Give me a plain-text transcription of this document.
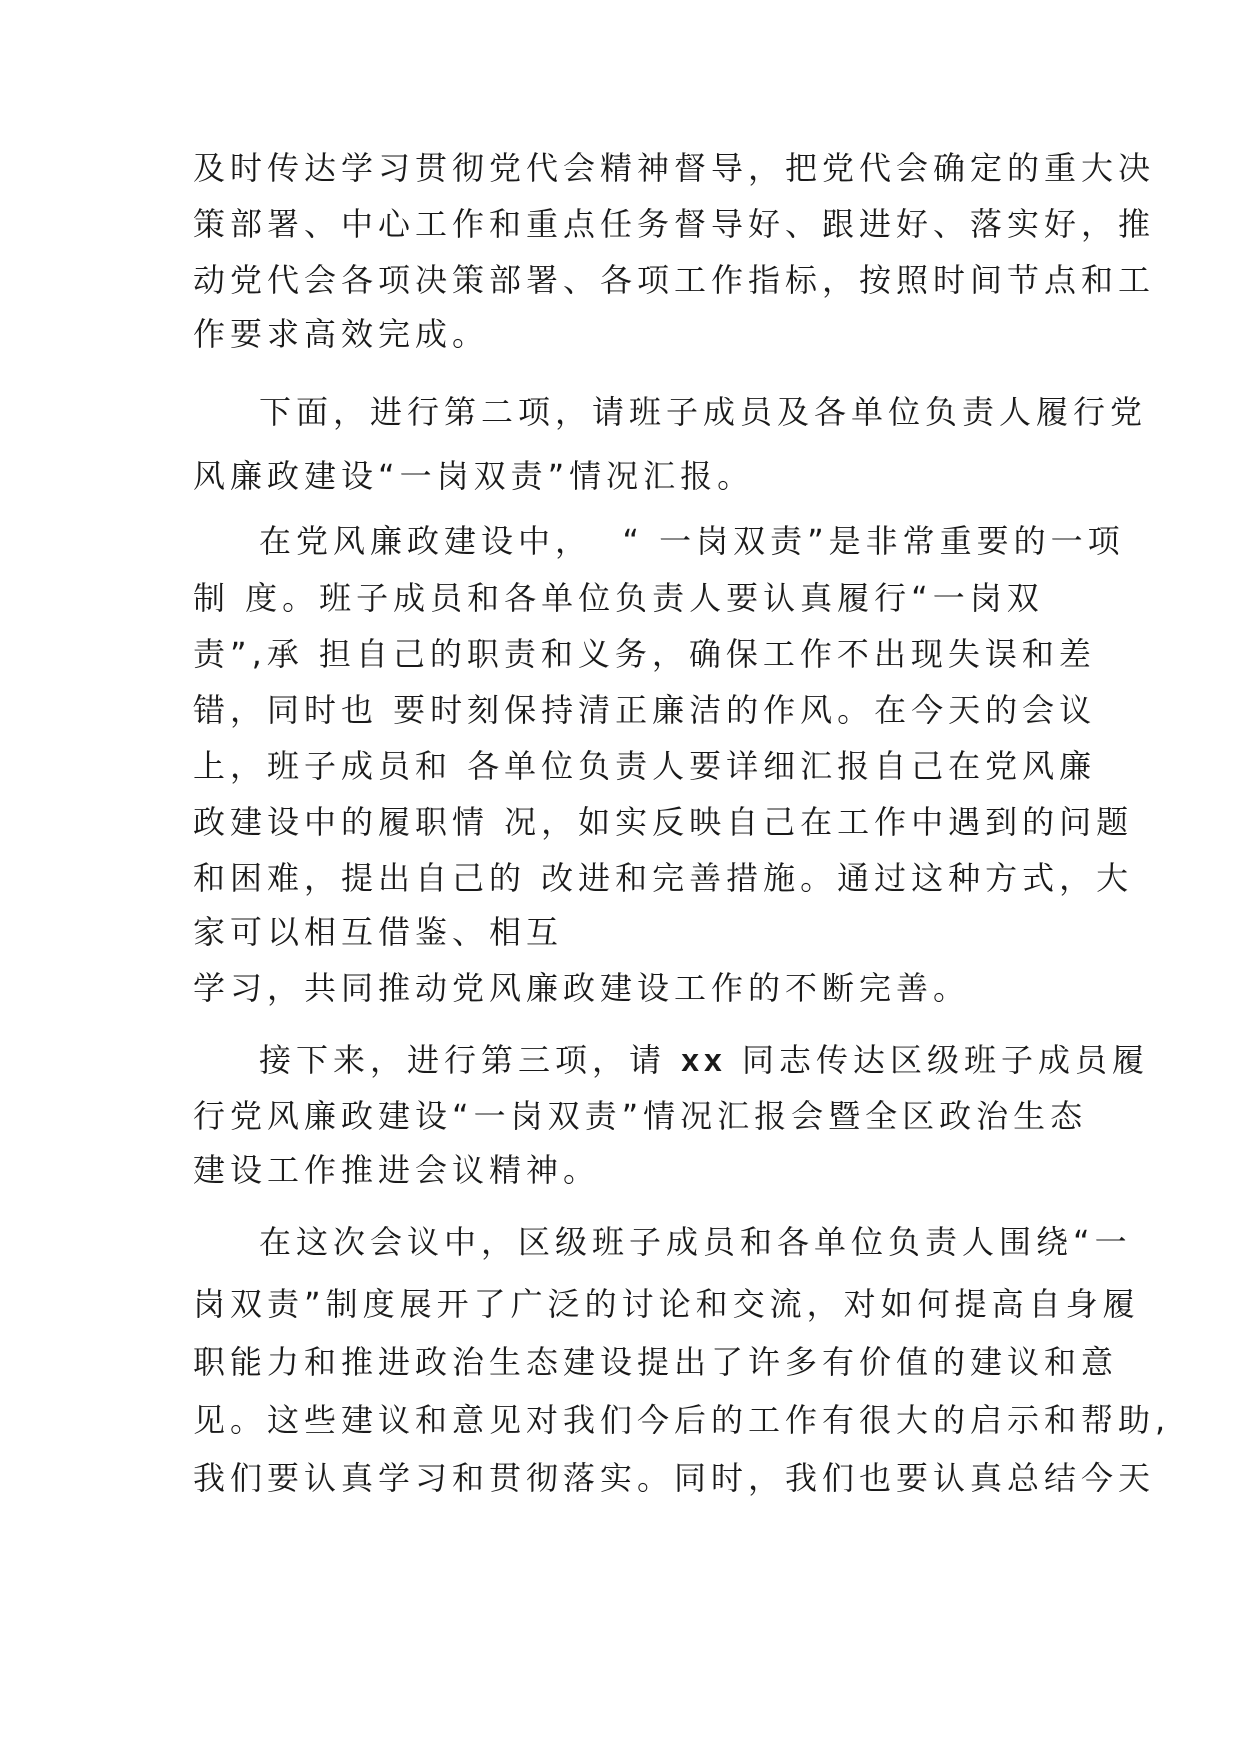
及时传达学习贯彻党代会精神督导，把党代会确定的重大决
策部署、中心工作和重点任务督导好、跟进好、落实好，推
动党代会各项决策部署、各项工作指标，按照时间节点和工
作要求高效完成。
下面，进行第二项，请班子成员及各单位负责人履行党
风廉政建设“一岗双责”情况汇报。
在党风廉政建设中，  “ 一岗双责”是非常重要的一项
制 度。班子成员和各单位负责人要认真履行“一岗双
责”,承 担自己的职责和义务，确保工作不出现失误和差
错，同时也 要时刻保持清正廉洁的作风。在今天的会议
上，班子成员和 各单位负责人要详细汇报自己在党风廉
政建设中的履职情 况，如实反映自己在工作中遇到的问题
和困难，提出自己的 改进和完善措施。通过这种方式，大
家可以相互借鉴、相互
学习，共同推动党风廉政建设工作的不断完善。
接下来，进行第三项，请 xx 同志传达区级班子成员履
行党风廉政建设“一岗双责”情况汇报会暨全区政治生态
建设工作推进会议精神。
在这次会议中，区级班子成员和各单位负责人围绕“一
岗双责”制度展开了广泛的讨论和交流，对如何提高自身履
职能力和推进政治生态建设提出了许多有价值的建议和意
见。这些建议和意见对我们今后的工作有很大的启示和帮助,
我们要认真学习和贯彻落实。同时，我们也要认真总结今天
